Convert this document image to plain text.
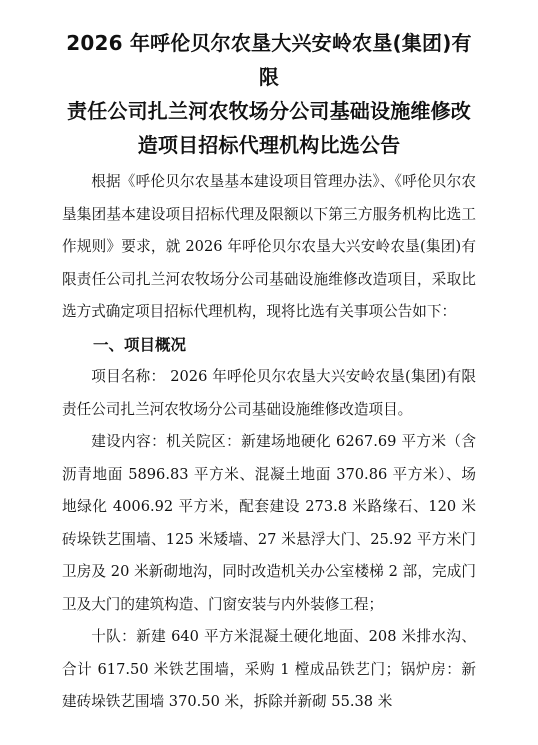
2026 年呼伦贝尔农垦大兴安岭农垦(集团)有限
责任公司扎兰河农牧场分公司基础设施维修改
造项目招标代理机构比选公告

根据《呼伦贝尔农垦基本建设项目管理办法》、《呼伦贝尔农垦集团基本建设项目招标代理及限额以下第三方服务机构比选工作规则》要求，就 2026 年呼伦贝尔农垦大兴安岭农垦(集团)有限责任公司扎兰河农牧场分公司基础设施维修改造项目，采取比选方式确定项目招标代理机构，现将比选有关事项公告如下：

一、项目概况

项目名称： 2026 年呼伦贝尔农垦大兴安岭农垦(集团)有限责任公司扎兰河农牧场分公司基础设施维修改造项目。

建设内容：机关院区：新建场地硬化 6267.69 平方米（含沥青地面 5896.83 平方米、混凝土地面 370.86 平方米）、场地绿化 4006.92 平方米，配套建设 273.8 米路缘石、120 米砖垛铁艺围墙、125 米矮墙、27 米悬浮大门、25.92 平方米门卫房及 20 米新砌地沟，同时改造机关办公室楼梯 2 部，完成门卫及大门的建筑构造、门窗安装与内外装修工程；

十队：新建 640 平方米混凝土硬化地面、208 米排水沟、合计 617.50 米铁艺围墙，采购 1 樘成品铁艺门；锅炉房：新建砖垛铁艺围墙 370.50 米，拆除并新砌 55.38 米
